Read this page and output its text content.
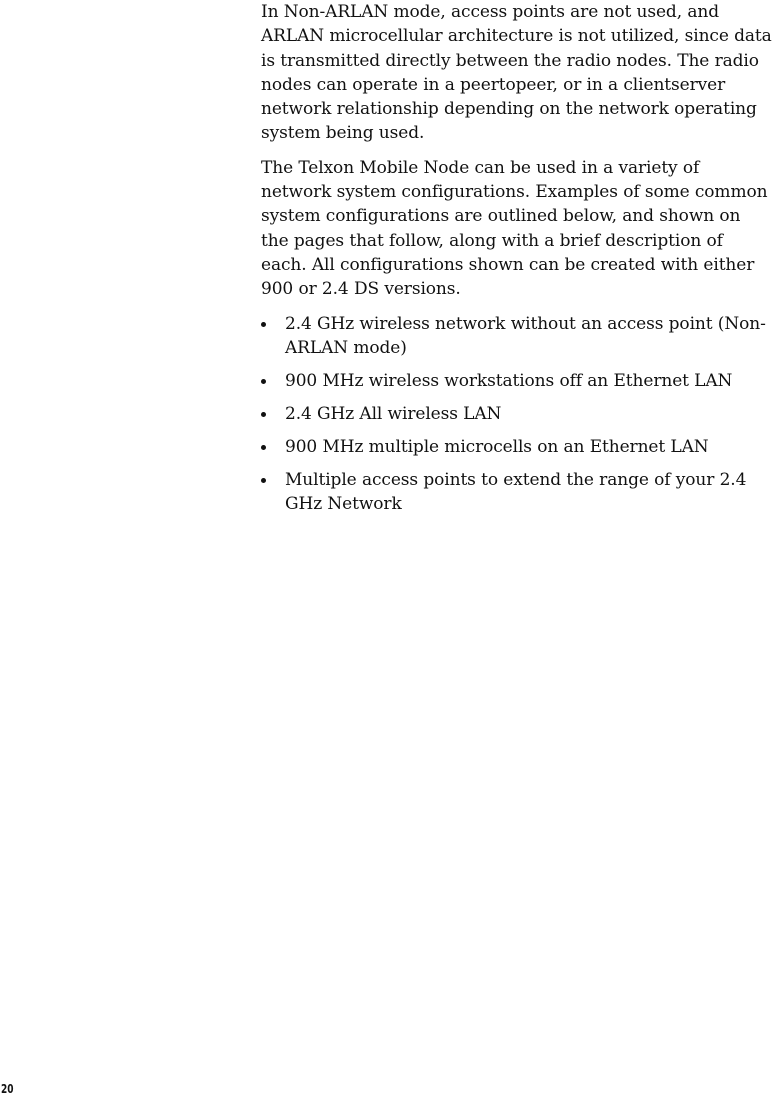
In Non-ARLAN mode, access points are not used, and ARLAN microcellular architecture is not utilized, since data is transmitted directly between the radio nodes. The radio nodes can operate in a peertopeer, or in a clientserver network relationship depending on the network operating system being used.

The Telxon Mobile Node can be used in a variety of network system configurations. Examples of some common system configurations are outlined below, and shown on the pages that follow, along with a brief description of each. All configurations shown can be created with either 900 or 2.4 DS versions.

2.4 GHz wireless network without an access point (Non-ARLAN mode)
900 MHz wireless workstations off an Ethernet LAN
2.4 GHz All wireless LAN
900 MHz multiple microcells on an Ethernet LAN
Multiple access points to extend the range of your 2.4 GHz Network
20
